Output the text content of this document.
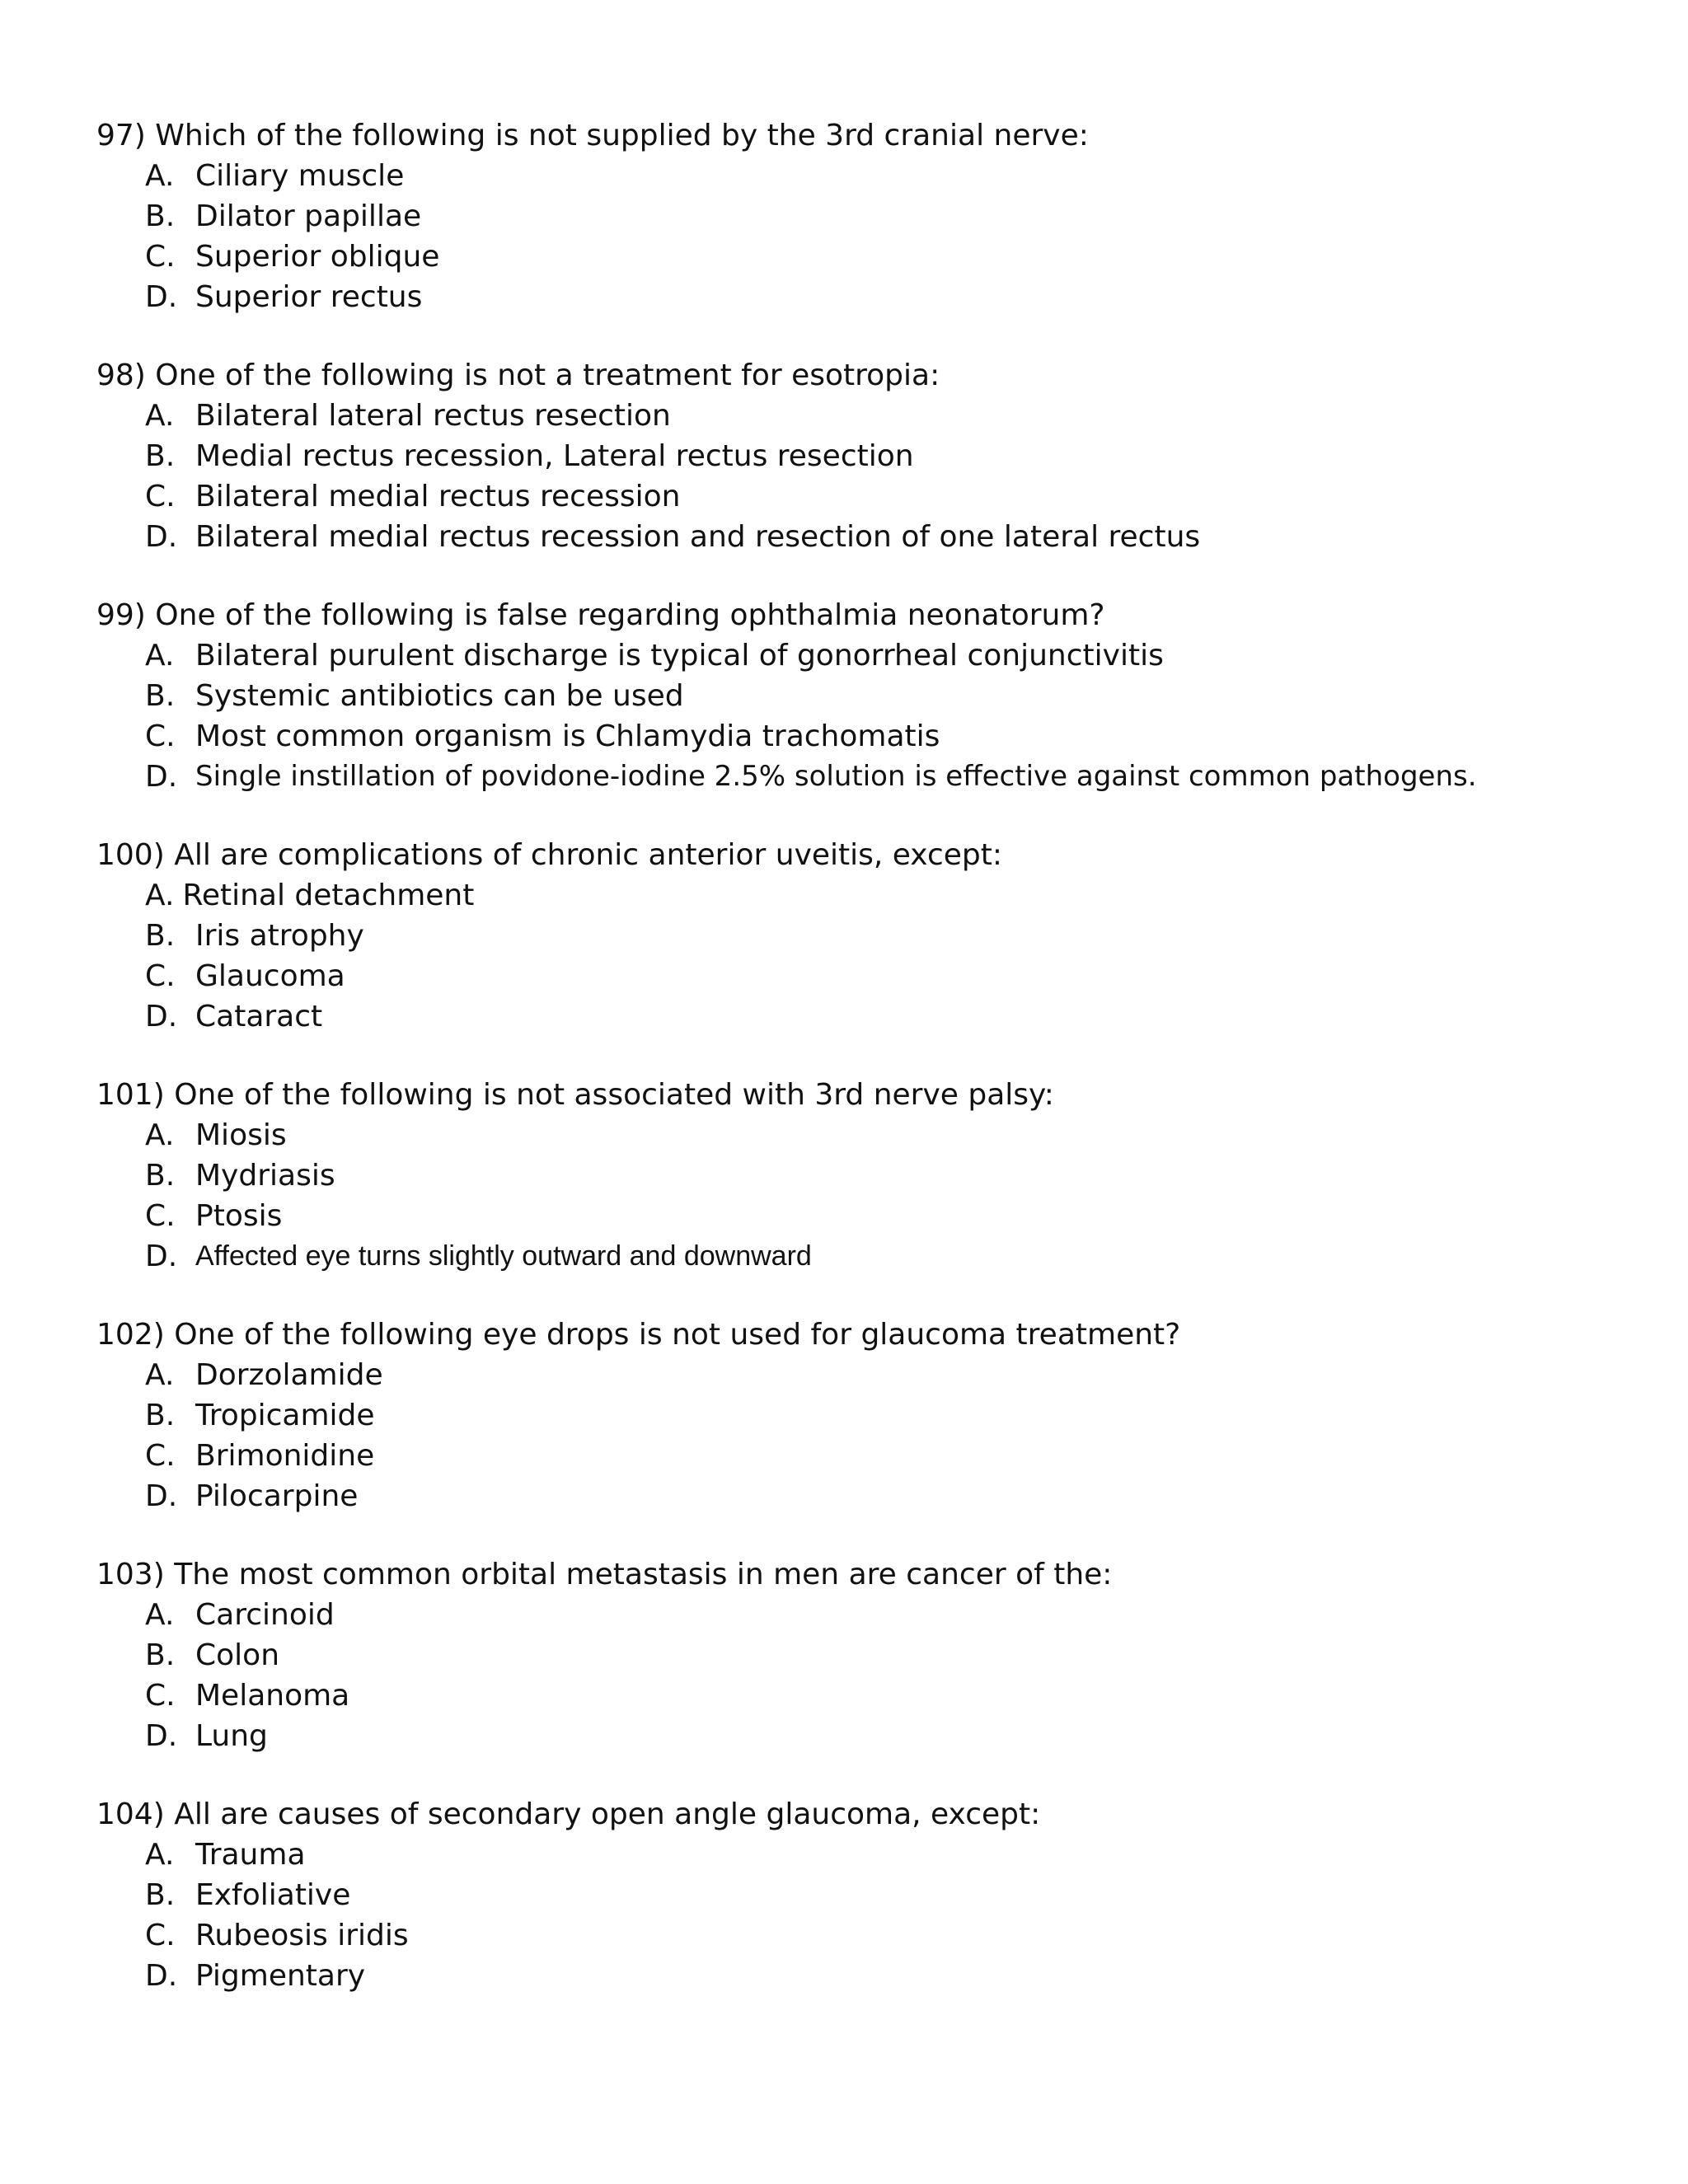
97) Which of the following is not supplied by the 3rd cranial nerve:

A. Ciliary muscle
B. Dilator papillae
C. Superior oblique
D. Superior rectus

98) One of the following is not a treatment for esotropia:

A. Bilateral lateral rectus resection
B. Medial rectus recession, Lateral rectus resection
C. Bilateral medial rectus recession
D. Bilateral medial rectus recession and resection of one lateral rectus

99) One of the following is false regarding ophthalmia neonatorum?

A. Bilateral purulent discharge is typical of gonorrheal conjunctivitis
B. Systemic antibiotics can be used
C. Most common organism is Chlamydia trachomatis
D. Single instillation of povidone-iodine 2.5% solution is effective against common pathogens.

100) All are complications of chronic anterior uveitis, except:

A. Retinal detachment
B. Iris atrophy
C. Glaucoma
D. Cataract

101) One of the following is not associated with 3rd nerve palsy:

A. Miosis
B. Mydriasis
C. Ptosis
D. Affected eye turns slightly outward and downward

102) One of the following eye drops is not used for glaucoma treatment?

A. Dorzolamide
B. Tropicamide
C. Brimonidine
D. Pilocarpine

103) The most common orbital metastasis in men are cancer of the:

A. Carcinoid
B. Colon
C. Melanoma
D. Lung

104) All are causes of secondary open angle glaucoma, except:

A. Trauma
B. Exfoliative
C. Rubeosis iridis
D. Pigmentary
